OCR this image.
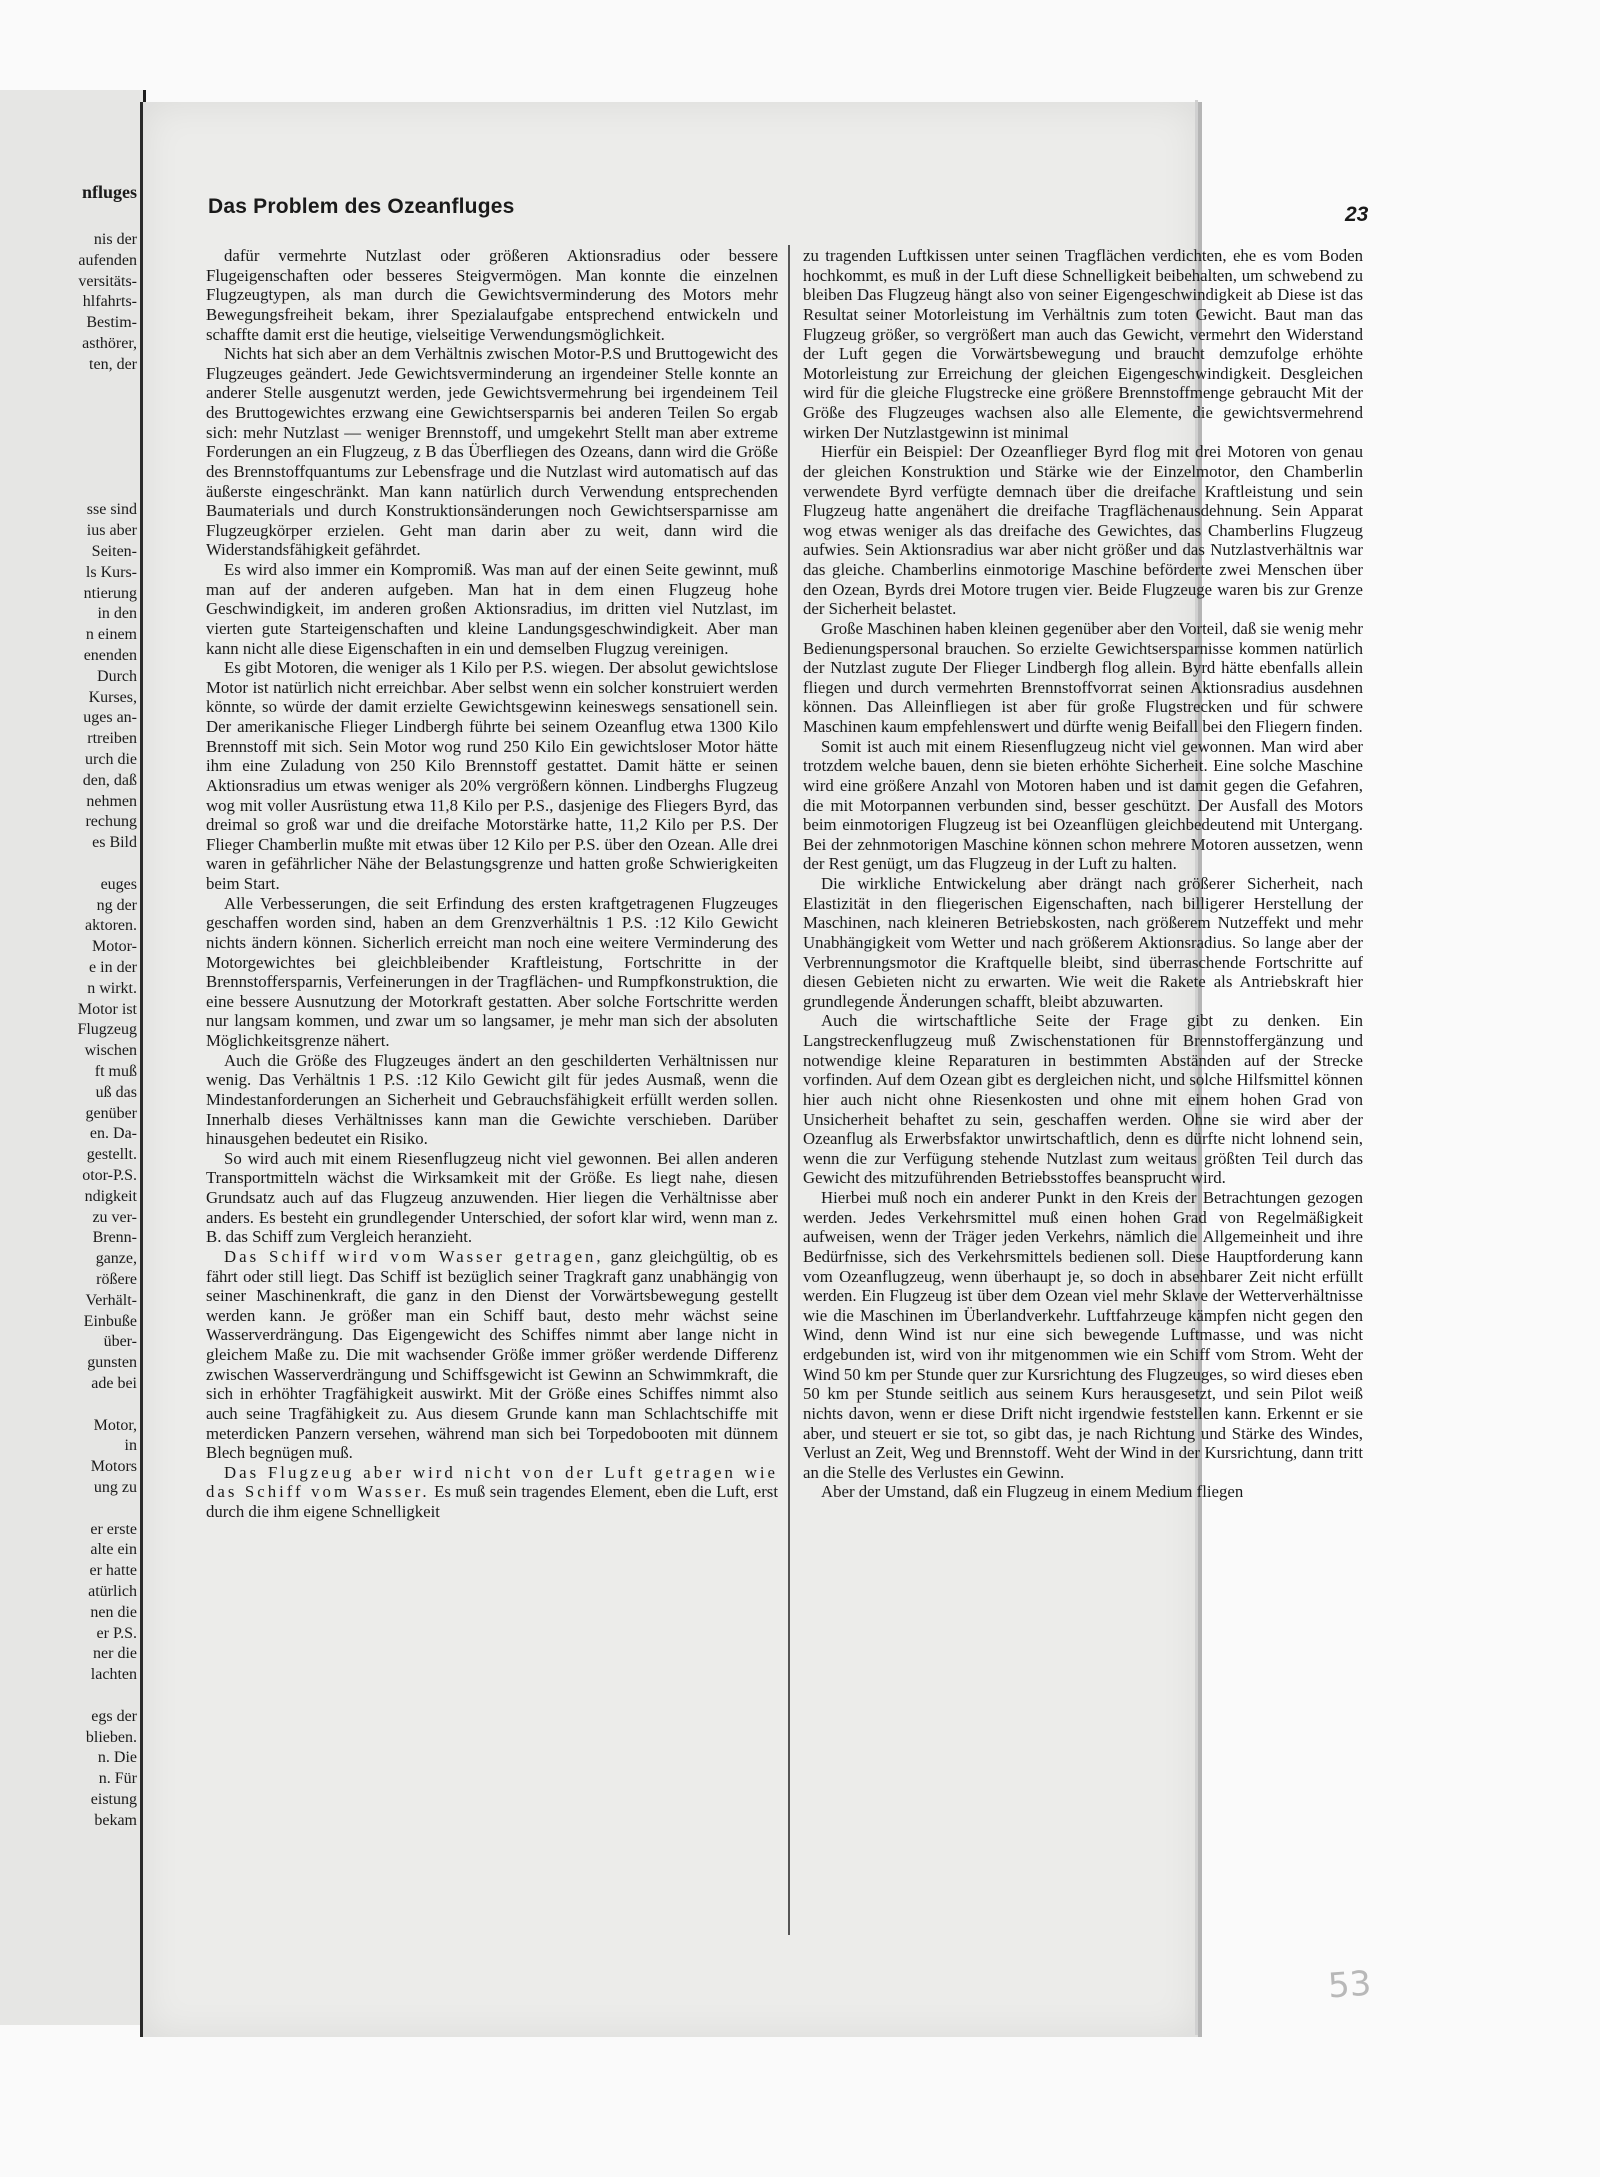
nfluges
nis der
aufenden
versitäts-
hlfahrts-
Bestim-
asthörer,
ten, der
sse sind
ius aber
Seiten-
ls Kurs-
ntierung
in den
n einem
enenden
Durch
Kurses,
uges an-
rtreiben
urch die
den, daß
nehmen
rechung
es Bild
euges
ng der
aktoren.
Motor-
e in der
n wirkt.
Motor ist
Flugzeug
wischen
ft muß
uß das
genüber
en. Da-
gestellt.
otor-P.S.
ndigkeit
zu ver-
Brenn-
ganze,
rößere
Verhält-
Einbuße
über-
gunsten
ade bei
Motor,
in
Motors
ung zu
er erste
alte ein
er hatte
atürlich
nen die
er P.S.
ner die
lachten
egs der
blieben.
n. Die
n. Für
eistung
bekam
Das Problem des Ozeanfluges	23

dafür vermehrte Nutzlast oder größeren Aktionsradius oder bessere Flugeigenschaften oder besseres Steigvermögen. Man konnte die einzelnen Flugzeugtypen, als man durch die Gewichtsverminderung des Motors mehr Bewegungsfreiheit bekam, ihrer Spezialaufgabe entsprechend entwickeln und schaffte damit erst die heutige, vielseitige Verwendungsmöglichkeit.

Nichts hat sich aber an dem Verhältnis zwischen Motor-P.S und Bruttogewicht des Flugzeuges geändert. Jede Gewichtsverminderung an irgendeiner Stelle konnte an anderer Stelle ausgenutzt werden, jede Gewichtsvermehrung bei irgendeinem Teil des Bruttogewichtes erzwang eine Gewichtsersparnis bei anderen Teilen So ergab sich: mehr Nutzlast — weniger Brennstoff, und umgekehrt Stellt man aber extreme Forderungen an ein Flugzeug, z B das Überfliegen des Ozeans, dann wird die Größe des Brennstoffquantums zur Lebensfrage und die Nutzlast wird automatisch auf das äußerste eingeschränkt. Man kann natürlich durch Verwendung entsprechenden Baumaterials und durch Konstruktionsänderungen noch Gewichtsersparnisse am Flugzeugkörper erzielen. Geht man darin aber zu weit, dann wird die Widerstandsfähigkeit gefährdet.

Es wird also immer ein Kompromiß. Was man auf der einen Seite gewinnt, muß man auf der anderen aufgeben. Man hat in dem einen Flugzeug hohe Geschwindigkeit, im anderen großen Aktionsradius, im dritten viel Nutzlast, im vierten gute Starteigenschaften und kleine Landungsgeschwindigkeit. Aber man kann nicht alle diese Eigenschaften in ein und demselben Flugzug vereinigen.

Es gibt Motoren, die weniger als 1 Kilo per P.S. wiegen. Der absolut gewichtslose Motor ist natürlich nicht erreichbar. Aber selbst wenn ein solcher konstruiert werden könnte, so würde der damit erzielte Gewichtsgewinn keineswegs sensationell sein. Der amerikanische Flieger Lindbergh führte bei seinem Ozeanflug etwa 1300 Kilo Brennstoff mit sich. Sein Motor wog rund 250 Kilo Ein gewichtsloser Motor hätte ihm eine Zuladung von 250 Kilo Brennstoff gestattet. Damit hätte er seinen Aktionsradius um etwas weniger als 20% vergrößern können. Lindberghs Flugzeug wog mit voller Ausrüstung etwa 11,8 Kilo per P.S., dasjenige des Fliegers Byrd, das dreimal so groß war und die dreifache Motorstärke hatte, 11,2 Kilo per P.S. Der Flieger Chamberlin mußte mit etwas über 12 Kilo per P.S. über den Ozean. Alle drei waren in gefährlicher Nähe der Belastungsgrenze und hatten große Schwierigkeiten beim Start.

Alle Verbesserungen, die seit Erfindung des ersten kraftgetragenen Flugzeuges geschaffen worden sind, haben an dem Grenzverhältnis 1 P.S. :12 Kilo Gewicht nichts ändern können. Sicherlich erreicht man noch eine weitere Verminderung des Motorgewichtes bei gleichbleibender Kraftleistung, Fortschritte in der Brennstoffersparnis, Verfeinerungen in der Tragflächen- und Rumpfkonstruktion, die eine bessere Ausnutzung der Motorkraft gestatten. Aber solche Fortschritte werden nur langsam kommen, und zwar um so langsamer, je mehr man sich der absoluten Möglichkeitsgrenze nähert.

Auch die Größe des Flugzeuges ändert an den geschilderten Verhältnissen nur wenig. Das Verhältnis 1 P.S. :12 Kilo Gewicht gilt für jedes Ausmaß, wenn die Mindestanforderungen an Sicherheit und Gebrauchsfähigkeit erfüllt werden sollen. Innerhalb dieses Verhältnisses kann man die Gewichte verschieben. Darüber hinausgehen bedeutet ein Risiko.

So wird auch mit einem Riesenflugzeug nicht viel gewonnen. Bei allen anderen Transportmitteln wächst die Wirksamkeit mit der Größe. Es liegt nahe, diesen Grundsatz auch auf das Flugzeug anzuwenden. Hier liegen die Verhältnisse aber anders. Es besteht ein grundlegender Unterschied, der sofort klar wird, wenn man z. B. das Schiff zum Vergleich heranzieht.

Das Schiff wird vom Wasser getragen, ganz gleichgültig, ob es fährt oder still liegt. Das Schiff ist bezüglich seiner Tragkraft ganz unabhängig von seiner Maschinenkraft, die ganz in den Dienst der Vorwärtsbewegung gestellt werden kann. Je größer man ein Schiff baut, desto mehr wächst seine Wasserverdrängung. Das Eigengewicht des Schiffes nimmt aber lange nicht in gleichem Maße zu. Die mit wachsender Größe immer größer werdende Differenz zwischen Wasserverdrängung und Schiffsgewicht ist Gewinn an Schwimmkraft, die sich in erhöhter Tragfähigkeit auswirkt. Mit der Größe eines Schiffes nimmt also auch seine Tragfähigkeit zu. Aus diesem Grunde kann man Schlachtschiffe mit meterdicken Panzern versehen, während man sich bei Torpedobooten mit dünnem Blech begnügen muß.

Das Flugzeug aber wird nicht von der Luft getragen wie das Schiff vom Wasser. Es muß sein tragendes Element, eben die Luft, erst durch die ihm eigene Schnelligkeit

zu tragenden Luftkissen unter seinen Tragflächen verdichten, ehe es vom Boden hochkommt, es muß in der Luft diese Schnelligkeit beibehalten, um schwebend zu bleiben Das Flugzeug hängt also von seiner Eigengeschwindigkeit ab Diese ist das Resultat seiner Motorleistung im Verhältnis zum toten Gewicht. Baut man das Flugzeug größer, so vergrößert man auch das Gewicht, vermehrt den Widerstand der Luft gegen die Vorwärtsbewegung und braucht demzufolge erhöhte Motorleistung zur Erreichung der gleichen Eigengeschwindigkeit. Desgleichen wird für die gleiche Flugstrecke eine größere Brennstoffmenge gebraucht Mit der Größe des Flugzeuges wachsen also alle Elemente, die gewichtsvermehrend wirken Der Nutzlastgewinn ist minimal

Hierfür ein Beispiel: Der Ozeanflieger Byrd flog mit drei Motoren von genau der gleichen Konstruktion und Stärke wie der Einzelmotor, den Chamberlin verwendete Byrd verfügte demnach über die dreifache Kraftleistung und sein Flugzeug hatte angenähert die dreifache Tragflächenausdehnung. Sein Apparat wog etwas weniger als das dreifache des Gewichtes, das Chamberlins Flugzeug aufwies. Sein Aktionsradius war aber nicht größer und das Nutzlastverhältnis war das gleiche. Chamberlins einmotorige Maschine beförderte zwei Menschen über den Ozean, Byrds drei Motore trugen vier. Beide Flugzeuge waren bis zur Grenze der Sicherheit belastet.

Große Maschinen haben kleinen gegenüber aber den Vorteil, daß sie wenig mehr Bedienungspersonal brauchen. So erzielte Gewichtsersparnisse kommen natürlich der Nutzlast zugute Der Flieger Lindbergh flog allein. Byrd hätte ebenfalls allein fliegen und durch vermehrten Brennstoffvorrat seinen Aktionsradius ausdehnen können. Das Alleinfliegen ist aber für große Flugstrecken und für schwere Maschinen kaum empfehlenswert und dürfte wenig Beifall bei den Fliegern finden.

Somit ist auch mit einem Riesenflugzeug nicht viel gewonnen. Man wird aber trotzdem welche bauen, denn sie bieten erhöhte Sicherheit. Eine solche Maschine wird eine größere Anzahl von Motoren haben und ist damit gegen die Gefahren, die mit Motorpannen verbunden sind, besser geschützt. Der Ausfall des Motors beim einmotorigen Flugzeug ist bei Ozeanflügen gleichbedeutend mit Untergang. Bei der zehnmotorigen Maschine können schon mehrere Motoren aussetzen, wenn der Rest genügt, um das Flugzeug in der Luft zu halten.

Die wirkliche Entwickelung aber drängt nach größerer Sicherheit, nach Elastizität in den fliegerischen Eigenschaften, nach billigerer Herstellung der Maschinen, nach kleineren Betriebskosten, nach größerem Nutzeffekt und mehr Unabhängigkeit vom Wetter und nach größerem Aktionsradius. So lange aber der Verbrennungsmotor die Kraftquelle bleibt, sind überraschende Fortschritte auf diesen Gebieten nicht zu erwarten. Wie weit die Rakete als Antriebskraft hier grundlegende Änderungen schafft, bleibt abzuwarten.

Auch die wirtschaftliche Seite der Frage gibt zu denken. Ein Langstreckenflugzeug muß Zwischenstationen für Brennstoffergänzung und notwendige kleine Reparaturen in bestimmten Abständen auf der Strecke vorfinden. Auf dem Ozean gibt es dergleichen nicht, und solche Hilfsmittel können hier auch nicht ohne Riesenkosten und ohne mit einem hohen Grad von Unsicherheit behaftet zu sein, geschaffen werden. Ohne sie wird aber der Ozeanflug als Erwerbsfaktor unwirtschaftlich, denn es dürfte nicht lohnend sein, wenn die zur Verfügung stehende Nutzlast zum weitaus größten Teil durch das Gewicht des mitzuführenden Betriebsstoffes beansprucht wird.

Hierbei muß noch ein anderer Punkt in den Kreis der Betrachtungen gezogen werden. Jedes Verkehrsmittel muß einen hohen Grad von Regelmäßigkeit aufweisen, wenn der Träger jeden Verkehrs, nämlich die Allgemeinheit und ihre Bedürfnisse, sich des Verkehrsmittels bedienen soll. Diese Hauptforderung kann vom Ozeanflugzeug, wenn überhaupt je, so doch in absehbarer Zeit nicht erfüllt werden. Ein Flugzeug ist über dem Ozean viel mehr Sklave der Wetterverhältnisse wie die Maschinen im Überlandverkehr. Luftfahrzeuge kämpfen nicht gegen den Wind, denn Wind ist nur eine sich bewegende Luftmasse, und was nicht erdgebunden ist, wird von ihr mitgenommen wie ein Schiff vom Strom. Weht der Wind 50 km per Stunde quer zur Kursrichtung des Flugzeuges, so wird dieses eben 50 km per Stunde seitlich aus seinem Kurs herausgesetzt, und sein Pilot weiß nichts davon, wenn er diese Drift nicht irgendwie feststellen kann. Erkennt er sie aber, und steuert er sie tot, so gibt das, je nach Richtung und Stärke des Windes, Verlust an Zeit, Weg und Brennstoff. Weht der Wind in der Kursrichtung, dann tritt an die Stelle des Verlustes ein Gewinn.

Aber der Umstand, daß ein Flugzeug in einem Medium fliegen

53
